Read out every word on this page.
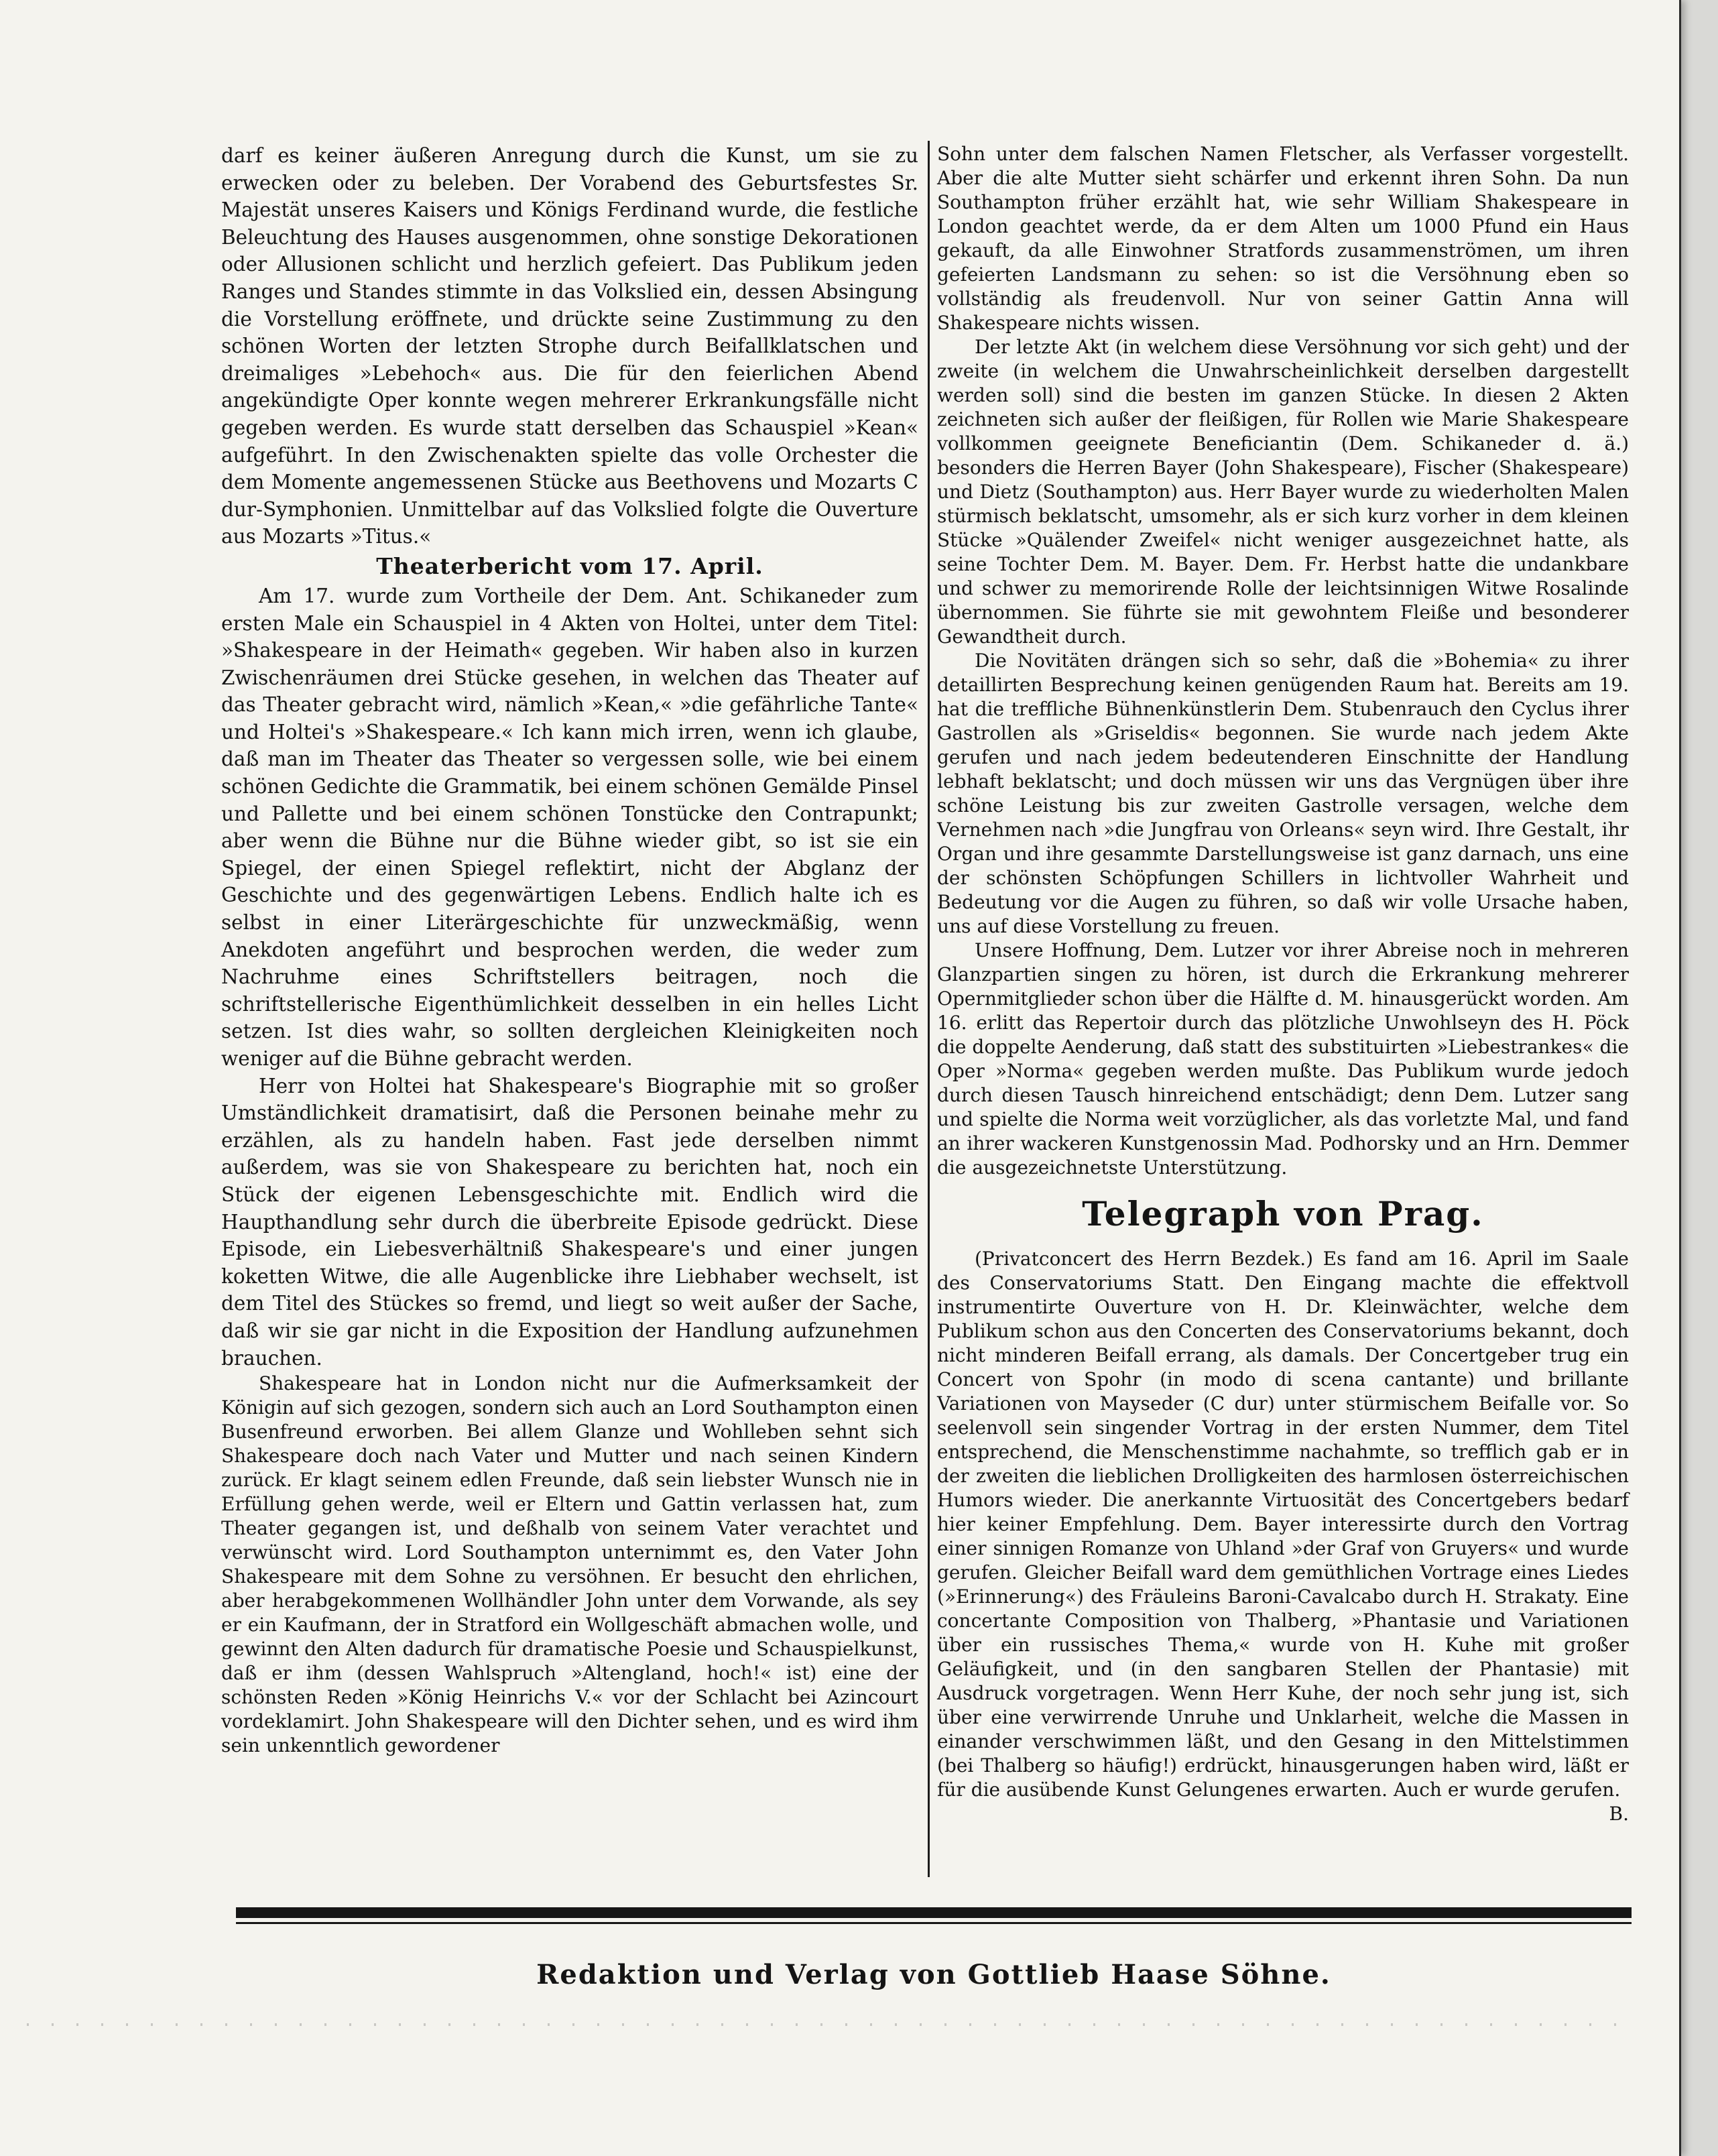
darf es keiner äußeren Anregung durch die Kunst, um sie zu erwecken oder zu beleben. Der Vorabend des Geburtsfestes Sr. Majestät unseres Kaisers und Königs Ferdinand wurde, die festliche Beleuchtung des Hauses ausgenommen, ohne sonstige Dekorationen oder Allusionen schlicht und herzlich gefeiert. Das Publikum jeden Ranges und Standes stimmte in das Volkslied ein, dessen Absingung die Vorstellung eröffnete, und drückte seine Zustimmung zu den schönen Worten der letzten Strophe durch Beifallklatschen und dreimaliges »Lebehoch« aus. Die für den feierlichen Abend angekündigte Oper konnte wegen mehrerer Erkrankungsfälle nicht gegeben werden. Es wurde statt derselben das Schauspiel »Kean« aufgeführt. In den Zwischenakten spielte das volle Orchester die dem Momente angemessenen Stücke aus Beethovens und Mozarts C dur-Symphonien. Unmittelbar auf das Volkslied folgte die Ouverture aus Mozarts »Titus.«

Theaterbericht vom 17. April.

Am 17. wurde zum Vortheile der Dem. Ant. Schikaneder zum ersten Male ein Schauspiel in 4 Akten von Holtei, unter dem Titel: »Shakespeare in der Heimath« gegeben. Wir haben also in kurzen Zwischenräumen drei Stücke gesehen, in welchen das Theater auf das Theater gebracht wird, nämlich »Kean,« »die gefährliche Tante« und Holtei's »Shakespeare.« Ich kann mich irren, wenn ich glaube, daß man im Theater das Theater so vergessen solle, wie bei einem schönen Gedichte die Grammatik, bei einem schönen Gemälde Pinsel und Pallette und bei einem schönen Tonstücke den Contrapunkt; aber wenn die Bühne nur die Bühne wieder gibt, so ist sie ein Spiegel, der einen Spiegel reflektirt, nicht der Abglanz der Geschichte und des gegenwärtigen Lebens. Endlich halte ich es selbst in einer Literärgeschichte für unzweckmäßig, wenn Anekdoten angeführt und besprochen werden, die weder zum Nachruhme eines Schriftstellers beitragen, noch die schriftstellerische Eigenthümlichkeit desselben in ein helles Licht setzen. Ist dies wahr, so sollten dergleichen Kleinigkeiten noch weniger auf die Bühne gebracht werden.

Herr von Holtei hat Shakespeare's Biographie mit so großer Umständlichkeit dramatisirt, daß die Personen beinahe mehr zu erzählen, als zu handeln haben. Fast jede derselben nimmt außerdem, was sie von Shakespeare zu berichten hat, noch ein Stück der eigenen Lebensgeschichte mit. Endlich wird die Haupthandlung sehr durch die überbreite Episode gedrückt. Diese Episode, ein Liebesverhältniß Shakespeare's und einer jungen koketten Witwe, die alle Augenblicke ihre Liebhaber wechselt, ist dem Titel des Stückes so fremd, und liegt so weit außer der Sache, daß wir sie gar nicht in die Exposition der Handlung aufzunehmen brauchen.

Shakespeare hat in London nicht nur die Aufmerksamkeit der Königin auf sich gezogen, sondern sich auch an Lord Southampton einen Busenfreund erworben. Bei allem Glanze und Wohlleben sehnt sich Shakespeare doch nach Vater und Mutter und nach seinen Kindern zurück. Er klagt seinem edlen Freunde, daß sein liebster Wunsch nie in Erfüllung gehen werde, weil er Eltern und Gattin verlassen hat, zum Theater gegangen ist, und deßhalb von seinem Vater verachtet und verwünscht wird. Lord Southampton unternimmt es, den Vater John Shakespeare mit dem Sohne zu versöhnen. Er besucht den ehrlichen, aber herabgekommenen Wollhändler John unter dem Vorwande, als sey er ein Kaufmann, der in Stratford ein Wollgeschäft abmachen wolle, und gewinnt den Alten dadurch für dramatische Poesie und Schauspielkunst, daß er ihm (dessen Wahlspruch »Altengland, hoch!« ist) eine der schönsten Reden »König Heinrichs V.« vor der Schlacht bei Azincourt vordeklamirt. John Shakespeare will den Dichter sehen, und es wird ihm sein unkenntlich gewordener

Sohn unter dem falschen Namen Fletscher, als Verfasser vorgestellt. Aber die alte Mutter sieht schärfer und erkennt ihren Sohn. Da nun Southampton früher erzählt hat, wie sehr William Shakespeare in London geachtet werde, da er dem Alten um 1000 Pfund ein Haus gekauft, da alle Einwohner Stratfords zusammenströmen, um ihren gefeierten Landsmann zu sehen: so ist die Versöhnung eben so vollständig als freudenvoll. Nur von seiner Gattin Anna will Shakespeare nichts wissen.

Der letzte Akt (in welchem diese Versöhnung vor sich geht) und der zweite (in welchem die Unwahrscheinlichkeit derselben dargestellt werden soll) sind die besten im ganzen Stücke. In diesen 2 Akten zeichneten sich außer der fleißigen, für Rollen wie Marie Shakespeare vollkommen geeignete Beneficiantin (Dem. Schikaneder d. ä.) besonders die Herren Bayer (John Shakespeare), Fischer (Shakespeare) und Dietz (Southampton) aus. Herr Bayer wurde zu wiederholten Malen stürmisch beklatscht, umsomehr, als er sich kurz vorher in dem kleinen Stücke »Quälender Zweifel« nicht weniger ausgezeichnet hatte, als seine Tochter Dem. M. Bayer. Dem. Fr. Herbst hatte die undankbare und schwer zu memorirende Rolle der leichtsinnigen Witwe Rosalinde übernommen. Sie führte sie mit gewohntem Fleiße und besonderer Gewandtheit durch.

Die Novitäten drängen sich so sehr, daß die »Bohemia« zu ihrer detaillirten Besprechung keinen genügenden Raum hat. Bereits am 19. hat die treffliche Bühnenkünstlerin Dem. Stubenrauch den Cyclus ihrer Gastrollen als »Griseldis« begonnen. Sie wurde nach jedem Akte gerufen und nach jedem bedeutenderen Einschnitte der Handlung lebhaft beklatscht; und doch müssen wir uns das Vergnügen über ihre schöne Leistung bis zur zweiten Gastrolle versagen, welche dem Vernehmen nach »die Jungfrau von Orleans« seyn wird. Ihre Gestalt, ihr Organ und ihre gesammte Darstellungsweise ist ganz darnach, uns eine der schönsten Schöpfungen Schillers in lichtvoller Wahrheit und Bedeutung vor die Augen zu führen, so daß wir volle Ursache haben, uns auf diese Vorstellung zu freuen.

Unsere Hoffnung, Dem. Lutzer vor ihrer Abreise noch in mehreren Glanzpartien singen zu hören, ist durch die Erkrankung mehrerer Opernmitglieder schon über die Hälfte d. M. hinausgerückt worden. Am 16. erlitt das Repertoir durch das plötzliche Unwohlseyn des H. Pöck die doppelte Aenderung, daß statt des substituirten »Liebestrankes« die Oper »Norma« gegeben werden mußte. Das Publikum wurde jedoch durch diesen Tausch hinreichend entschädigt; denn Dem. Lutzer sang und spielte die Norma weit vorzüglicher, als das vorletzte Mal, und fand an ihrer wackeren Kunstgenossin Mad. Podhorsky und an Hrn. Demmer die ausgezeichnetste Unterstützung.

Telegraph von Prag.

(Privatconcert des Herrn Bezdek.) Es fand am 16. April im Saale des Conservatoriums Statt. Den Eingang machte die effektvoll instrumentirte Ouverture von H. Dr. Kleinwächter, welche dem Publikum schon aus den Concerten des Conservatoriums bekannt, doch nicht minderen Beifall errang, als damals. Der Concertgeber trug ein Concert von Spohr (in modo di scena cantante) und brillante Variationen von Mayseder (C dur) unter stürmischem Beifalle vor. So seelenvoll sein singender Vortrag in der ersten Nummer, dem Titel entsprechend, die Menschenstimme nachahmte, so trefflich gab er in der zweiten die lieblichen Drolligkeiten des harmlosen österreichischen Humors wieder. Die anerkannte Virtuosität des Concertgebers bedarf hier keiner Empfehlung. Dem. Bayer interessirte durch den Vortrag einer sinnigen Romanze von Uhland »der Graf von Gruyers« und wurde gerufen. Gleicher Beifall ward dem gemüthlichen Vortrage eines Liedes (»Erinnerung«) des Fräuleins Baroni-Cavalcabo durch H. Strakaty. Eine concertante Composition von Thalberg, »Phantasie und Variationen über ein russisches Thema,« wurde von H. Kuhe mit großer Geläufigkeit, und (in den sangbaren Stellen der Phantasie) mit Ausdruck vorgetragen. Wenn Herr Kuhe, der noch sehr jung ist, sich über eine verwirrende Unruhe und Unklarheit, welche die Massen in einander verschwimmen läßt, und den Gesang in den Mittelstimmen (bei Thalberg so häufig!) erdrückt, hinausgerungen haben wird, läßt er für die ausübende Kunst Gelungenes erwarten. Auch er wurde gerufen.
B.

Redaktion und Verlag von Gottlieb Haase Söhne.
